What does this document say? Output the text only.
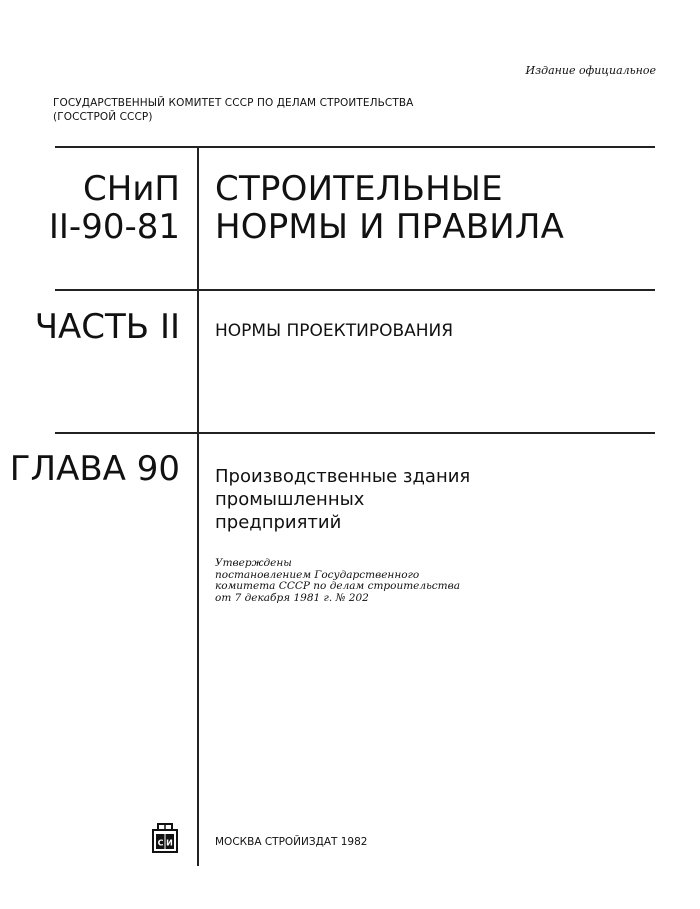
Издание официальное
ГОСУДАРСТВЕННЫЙ КОМИТЕТ СССР ПО ДЕЛАМ СТРОИТЕЛЬСТВА
(ГОССТРОЙ СССР)
СНиП
II-90-81
ЧАСТЬ II
ГЛАВА 90
СТРОИТЕЛЬНЫЕ
НОРМЫ И ПРАВИЛА
НОРМЫ ПРОЕКТИРОВАНИЯ
Производственные здания
промышленных
предприятий
Утверждены
постановлением Государственного
комитета СССР по делам строительства
от 7 декабря 1981 г. № 202
С И	МОСКВА СТРОЙИЗДАТ 1982
